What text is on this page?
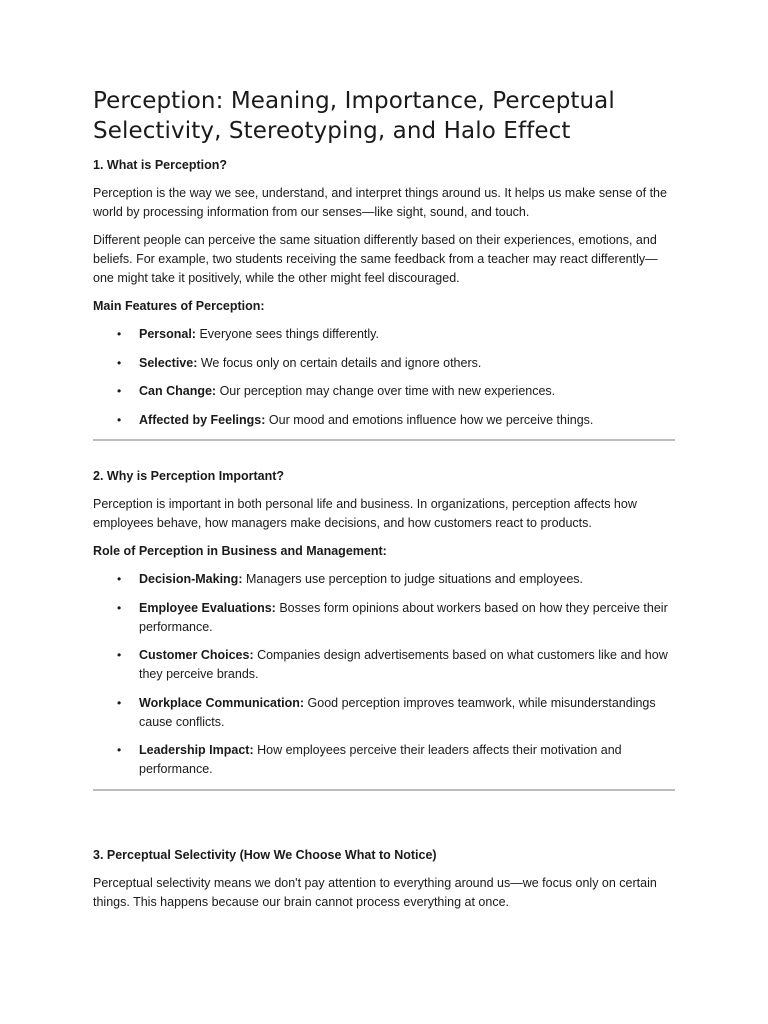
Perception: Meaning, Importance, Perceptual Selectivity, Stereotyping, and Halo Effect
1. What is Perception?

Perception is the way we see, understand, and interpret things around us. It helps us make sense of the world by processing information from our senses—like sight, sound, and touch.

Different people can perceive the same situation differently based on their experiences, emotions, and beliefs. For example, two students receiving the same feedback from a teacher may react differently—one might take it positively, while the other might feel discouraged.

Main Features of Perception:
• Personal: Everyone sees things differently.
• Selective: We focus only on certain details and ignore others.
• Can Change: Our perception may change over time with new experiences.
• Affected by Feelings: Our mood and emotions influence how we perceive things.
2. Why is Perception Important?

Perception is important in both personal life and business. In organizations, perception affects how employees behave, how managers make decisions, and how customers react to products.

Role of Perception in Business and Management:
• Decision-Making: Managers use perception to judge situations and employees.
• Employee Evaluations: Bosses form opinions about workers based on how they perceive their performance.
• Customer Choices: Companies design advertisements based on what customers like and how they perceive brands.
• Workplace Communication: Good perception improves teamwork, while misunderstandings cause conflicts.
• Leadership Impact: How employees perceive their leaders affects their motivation and performance.
3. Perceptual Selectivity (How We Choose What to Notice)

Perceptual selectivity means we don't pay attention to everything around us—we focus only on certain things. This happens because our brain cannot process everything at once.
